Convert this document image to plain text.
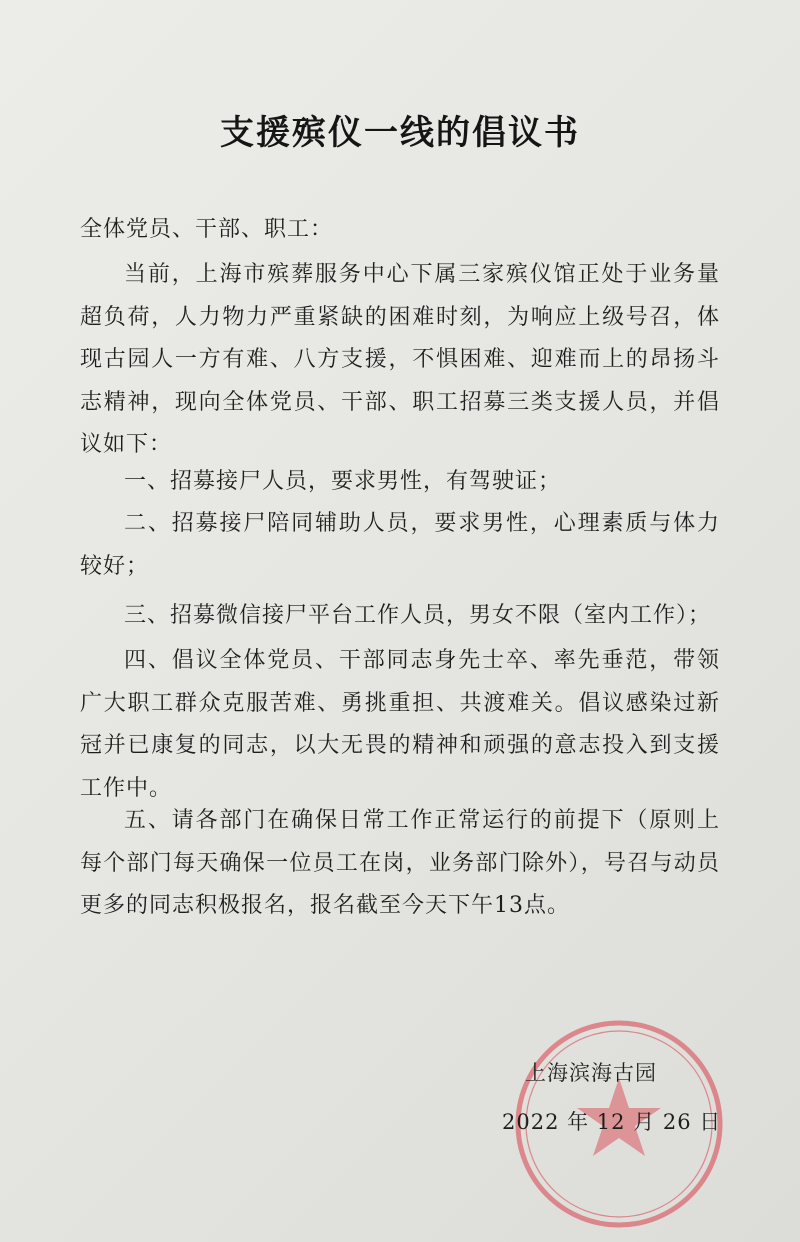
支援殡仪一线的倡议书
全体党员、干部、职工：

当前，上海市殡葬服务中心下属三家殡仪馆正处于业务量超负荷，人力物力严重紧缺的困难时刻，为响应上级号召，体现古园人一方有难、八方支援，不惧困难、迎难而上的昂扬斗志精神，现向全体党员、干部、职工招募三类支援人员，并倡议如下：

一、招募接尸人员，要求男性，有驾驶证；

二、招募接尸陪同辅助人员，要求男性，心理素质与体力较好；

三、招募微信接尸平台工作人员，男女不限（室内工作）；

四、倡议全体党员、干部同志身先士卒、率先垂范，带领广大职工群众克服苦难、勇挑重担、共渡难关。倡议感染过新冠并已康复的同志，以大无畏的精神和顽强的意志投入到支援工作中。

五、请各部门在确保日常工作正常运行的前提下（原则上每个部门每天确保一位员工在岗，业务部门除外），号召与动员更多的同志积极报名，报名截至今天下午13点。

上海滨海古园
2022 年 12 月 26 日
